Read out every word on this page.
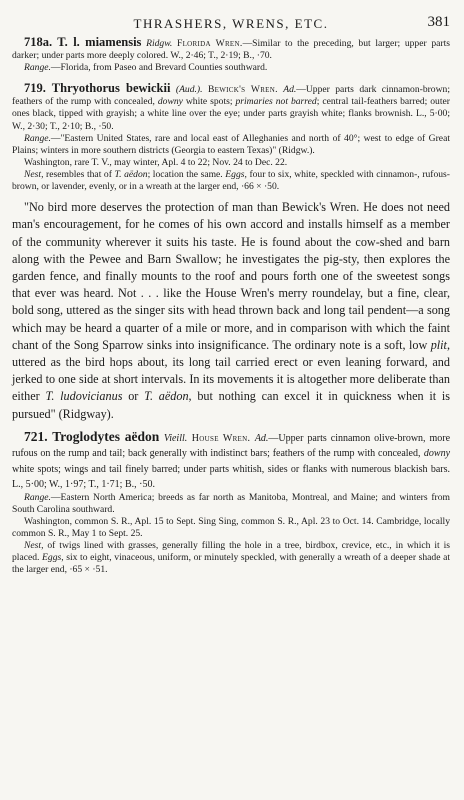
THRASHERS, WRENS, ETC.	381

718a. T. l. miamensis Ridgw. Florida Wren.—Similar to the preceding, but larger; upper parts darker; under parts more deeply colored. W., 2·46; T., 2·19; B., ·70.

Range.—Florida, from Paseo and Brevard Counties southward.

719. Thryothorus bewickii (Aud.). Bewick's Wren. Ad.—Upper parts dark cinnamon-brown; feathers of the rump with concealed, downy white spots; primaries not barred; central tail-feathers barred; outer ones black, tipped with grayish; a white line over the eye; under parts grayish white; flanks brownish. L., 5·00; W., 2·30; T., 2·10; B., ·50.

Range.—"Eastern United States, rare and local east of Alleghanies and north of 40°; west to edge of Great Plains; winters in more southern districts (Georgia to eastern Texas)" (Ridgw.).

Washington, rare T. V., may winter, Apl. 4 to 22; Nov. 24 to Dec. 22.

Nest, resembles that of T. aëdon; location the same. Eggs, four to six, white, speckled with cinnamon-, rufous-brown, or lavender, evenly, or in a wreath at the larger end, ·66 × ·50.

"No bird more deserves the protection of man than Bewick's Wren. He does not need man's encouragement, for he comes of his own accord and installs himself as a member of the community wherever it suits his taste. He is found about the cow-shed and barn along with the Pewee and Barn Swallow; he investigates the pig-sty, then explores the garden fence, and finally mounts to the roof and pours forth one of the sweetest songs that ever was heard. Not . . . like the House Wren's merry roundelay, but a fine, clear, bold song, uttered as the singer sits with head thrown back and long tail pendent—a song which may be heard a quarter of a mile or more, and in comparison with which the faint chant of the Song Sparrow sinks into insignificance. The ordinary note is a soft, low plit, uttered as the bird hops about, its long tail carried erect or even leaning forward, and jerked to one side at short intervals. In its movements it is altogether more deliberate than either T. ludovicianus or T. aëdon, but nothing can excel it in quickness when it is pursued" (Ridgway).

721. Troglodytes aëdon Vieill. House Wren. Ad.—Upper parts cinnamon olive-brown, more rufous on the rump and tail; back generally with indistinct bars; feathers of the rump with concealed, downy white spots; wings and tail finely barred; under parts whitish, sides or flanks with numerous blackish bars. L., 5·00; W., 1·97; T., 1·71; B., ·50.

Range.—Eastern North America; breeds as far north as Manitoba, Montreal, and Maine; and winters from South Carolina southward.

Washington, common S. R., Apl. 15 to Sept. Sing Sing, common S. R., Apl. 23 to Oct. 14. Cambridge, locally common S. R., May 1 to Sept. 25.

Nest, of twigs lined with grasses, generally filling the hole in a tree, birdbox, crevice, etc., in which it is placed. Eggs, six to eight, vinaceous, uniform, or minutely speckled, with generally a wreath of a deeper shade at the larger end, ·65 × ·51.
